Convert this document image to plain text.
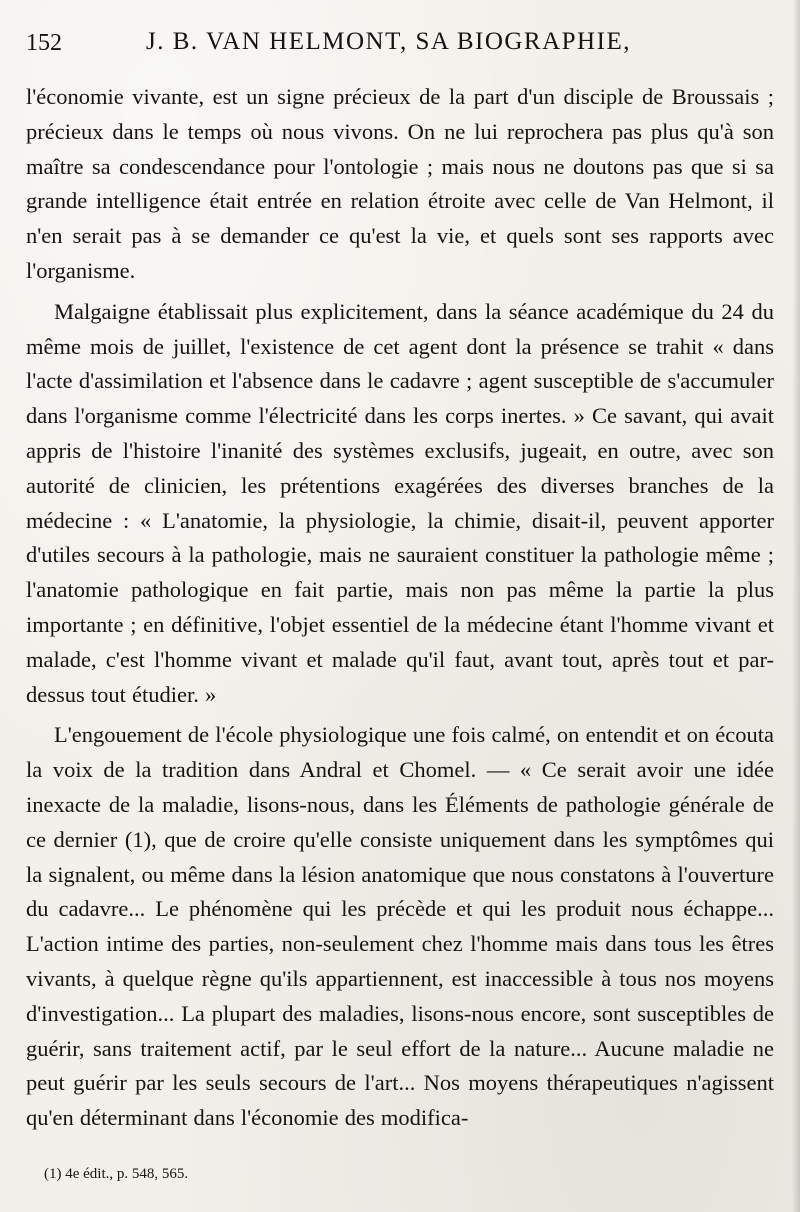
152	J. B. VAN HELMONT, SA BIOGRAPHIE,

l'économie vivante, est un signe précieux de la part d'un disciple de Broussais ; précieux dans le temps où nous vivons. On ne lui reprochera pas plus qu'à son maître sa condescendance pour l'ontologie ; mais nous ne doutons pas que si sa grande intelligence était entrée en relation étroite avec celle de Van Helmont, il n'en serait pas à se demander ce qu'est la vie, et quels sont ses rapports avec l'organisme.

Malgaigne établissait plus explicitement, dans la séance académique du 24 du même mois de juillet, l'existence de cet agent dont la présence se trahit « dans l'acte d'assimilation et l'absence dans le cadavre ; agent susceptible de s'accumuler dans l'organisme comme l'électricité dans les corps inertes. » Ce savant, qui avait appris de l'histoire l'inanité des systèmes exclusifs, jugeait, en outre, avec son autorité de clinicien, les prétentions exagérées des diverses branches de la médecine : « L'anatomie, la physiologie, la chimie, disait-il, peuvent apporter d'utiles secours à la pathologie, mais ne sauraient constituer la pathologie même ; l'anatomie pathologique en fait partie, mais non pas même la partie la plus importante ; en définitive, l'objet essentiel de la médecine étant l'homme vivant et malade, c'est l'homme vivant et malade qu'il faut, avant tout, après tout et par-dessus tout étudier. »

L'engouement de l'école physiologique une fois calmé, on entendit et on écouta la voix de la tradition dans Andral et Chomel. — « Ce serait avoir une idée inexacte de la maladie, lisons-nous, dans les Éléments de pathologie générale de ce dernier (1), que de croire qu'elle consiste uniquement dans les symptômes qui la signalent, ou même dans la lésion anatomique que nous constatons à l'ouverture du cadavre... Le phénomène qui les précède et qui les produit nous échappe... L'action intime des parties, non-seulement chez l'homme mais dans tous les êtres vivants, à quelque règne qu'ils appartiennent, est inaccessible à tous nos moyens d'investigation... La plupart des maladies, lisons-nous encore, sont susceptibles de guérir, sans traitement actif, par le seul effort de la nature... Aucune maladie ne peut guérir par les seuls secours de l'art... Nos moyens thérapeutiques n'agissent qu'en déterminant dans l'économie des modifica-

(1) 4e édit., p. 548, 565.
